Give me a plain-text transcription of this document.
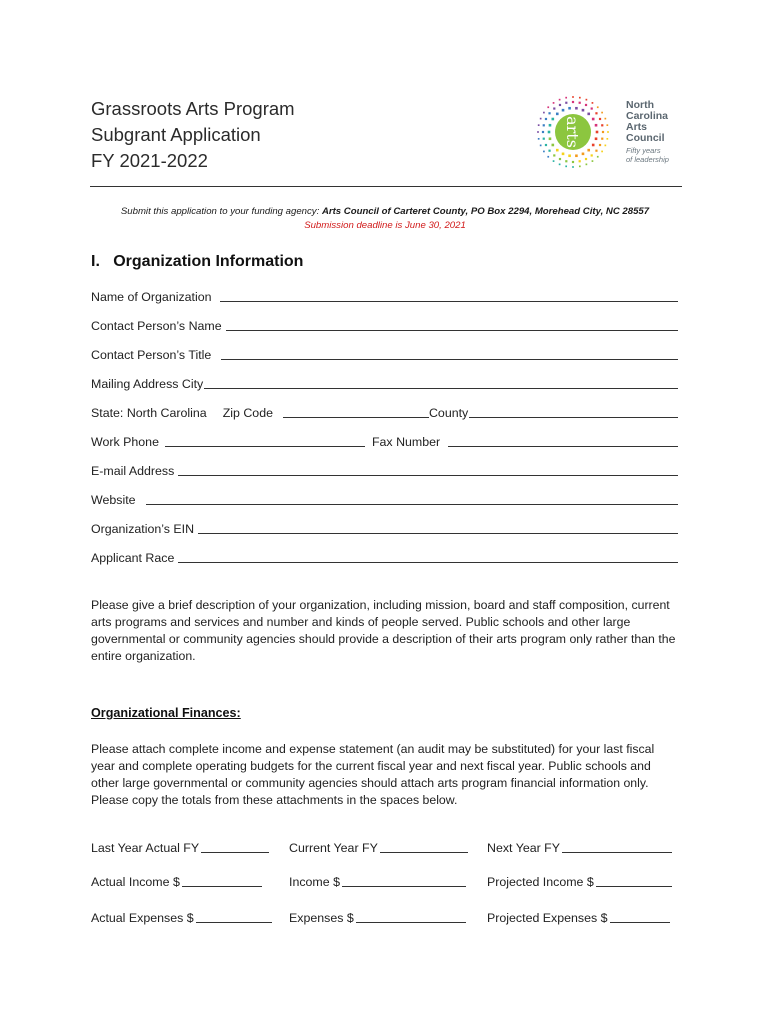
Grassroots Arts Program
Subgrant Application
FY 2021-2022
arts
North
Carolina
Arts
Council
Fifty years
of leadership
Submit this application to your funding agency: Arts Council of Carteret County, PO Box 2294, Morehead City, NC 28557
Submission deadline is June 30, 2021
I.   Organization Information
Name of Organization
Contact Person’s Name
Contact Person’s Title
Mailing Address City
State: North Carolina	Zip Code	County
Work Phone	Fax Number
E-mail Address
Website
Organization’s EIN
Applicant Race
Please give a brief description of your organization, including mission, board and staff composition, current arts programs and services and number and kinds of people served. Public schools and other large governmental or community agencies should provide a description of their arts program only rather than the entire organization.
Organizational Finances:
Please attach complete income and expense statement (an audit may be substituted) for your last fiscal year and complete operating budgets for the current fiscal year and next fiscal year. Public schools and other large governmental or community agencies should attach arts program financial information only. Please copy the totals from these attachments in the spaces below.
Last Year Actual FY	Current Year FY	Next Year FY
Actual Income $	Income $	Projected Income $
Actual Expenses $	Expenses $	Projected Expenses $
